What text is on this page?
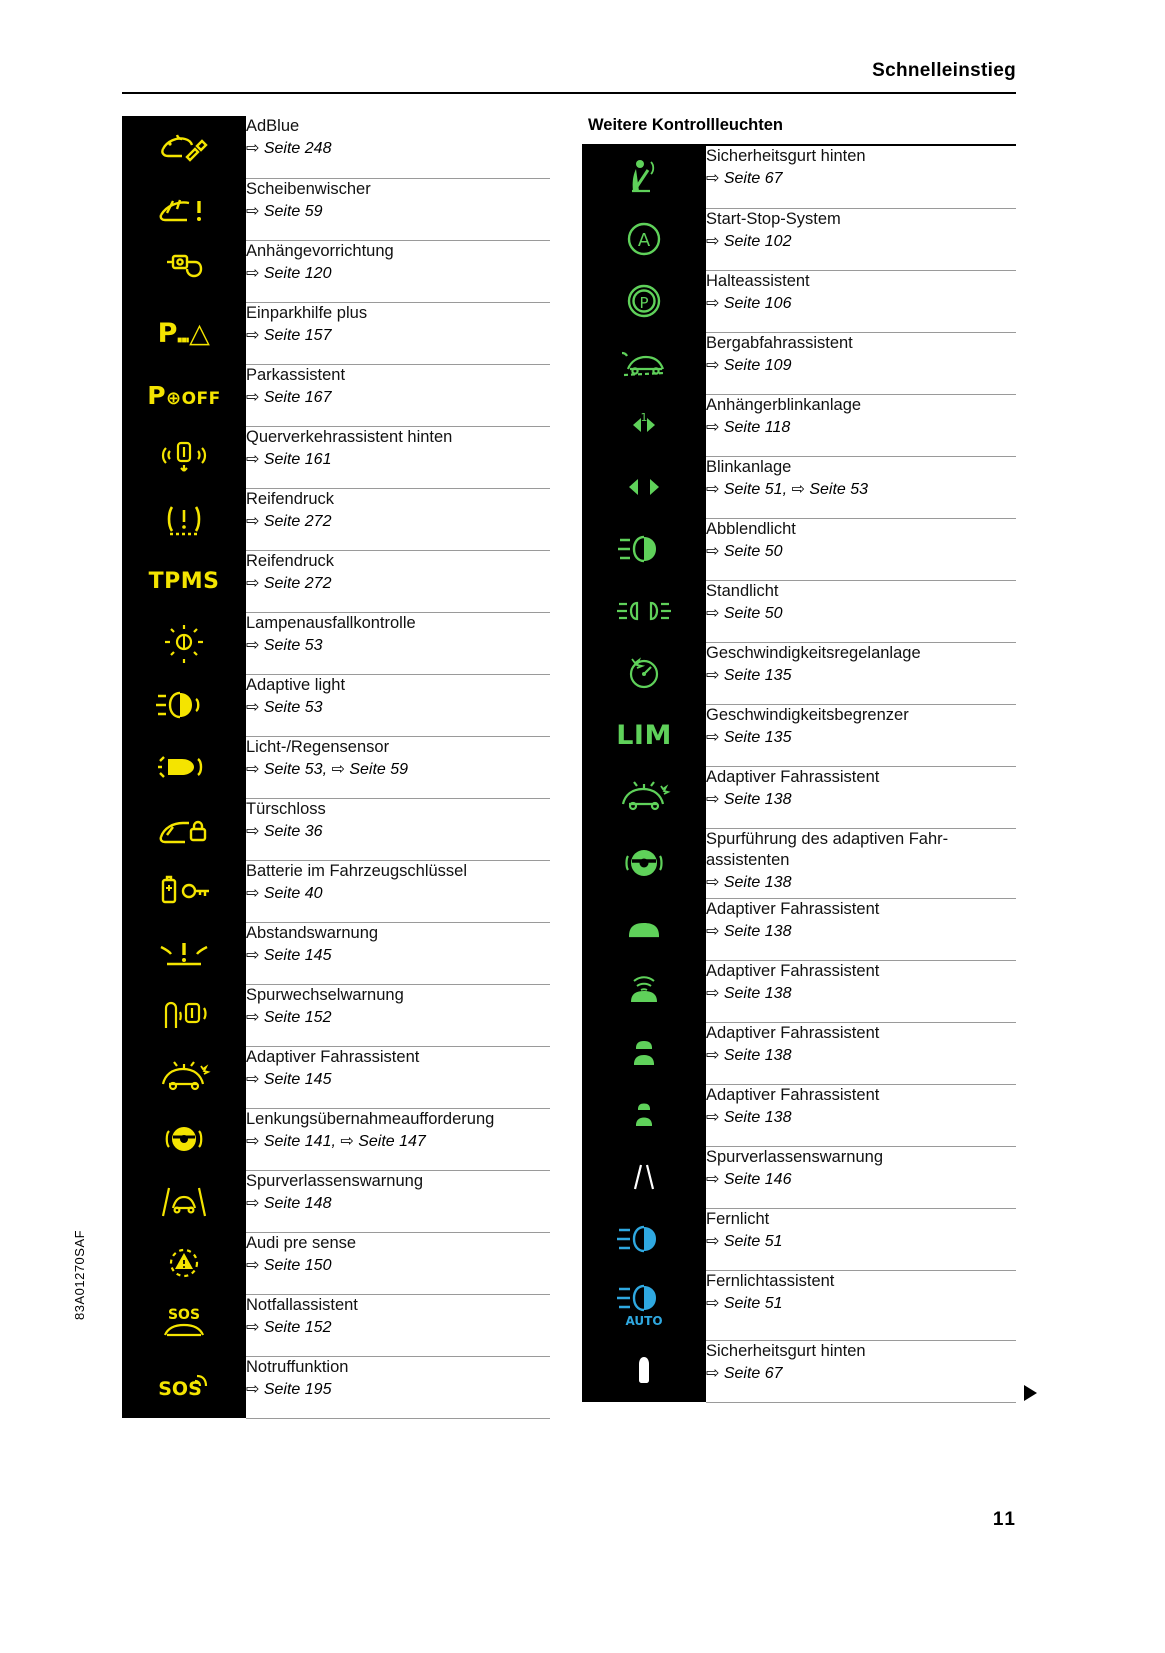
Schnelleinstieg
83A01270SAF
11

AdBlue
⇨ Seite 248

Scheibenwischer
⇨ Seite 59

Anhängevorrichtung
⇨ Seite 120

P⑉△	Einparkhilfe plus
⇨ Seite 157

P⊕OFF	Parkassistent
⇨ Seite 167

Querverkehrassistent hinten
⇨ Seite 161

Reifendruck
⇨ Seite 272

TPMS	Reifendruck
⇨ Seite 272

Lampenausfallkontrolle
⇨ Seite 53

Adaptive light
⇨ Seite 53

Licht-/Regensensor
⇨ Seite 53, ⇨ Seite 59

Türschloss
⇨ Seite 36

Batterie im Fahrzeugschlüssel
⇨ Seite 40

Abstandswarnung
⇨ Seite 145

Spurwechselwarnung
⇨ Seite 152

Adaptiver Fahrassistent
⇨ Seite 145

Lenkungsübernahmeaufforderung
⇨ Seite 141, ⇨ Seite 147

Spurverlassenswarnung
⇨ Seite 148

Audi pre sense
⇨ Seite 150

SOS	Notfallassistent
⇨ Seite 152

SOS	Notruffunktion
⇨ Seite 195
Weitere Kontrollleuchten

Sicherheitsgurt hinten
⇨ Seite 67

A	Start-Stop-System
⇨ Seite 102

P	Halteassistent
⇨ Seite 106

Bergabfahrassistent
⇨ Seite 109

1	Anhängerblinkanlage
⇨ Seite 118

Blinkanlage
⇨ Seite 51, ⇨ Seite 53

Abblendlicht
⇨ Seite 50

Standlicht
⇨ Seite 50

Geschwindigkeitsregelanlage
⇨ Seite 135

LIM	Geschwindigkeitsbegrenzer
⇨ Seite 135

Adaptiver Fahrassistent
⇨ Seite 138

Spurführung des adaptiven Fahr-assistenten
⇨ Seite 138

Adaptiver Fahrassistent
⇨ Seite 138

Adaptiver Fahrassistent
⇨ Seite 138

Adaptiver Fahrassistent
⇨ Seite 138

Adaptiver Fahrassistent
⇨ Seite 138

Spurverlassenswarnung
⇨ Seite 146

Fernlicht
⇨ Seite 51

AUTO	Fernlichtassistent
⇨ Seite 51

Sicherheitsgurt hinten
⇨ Seite 67
